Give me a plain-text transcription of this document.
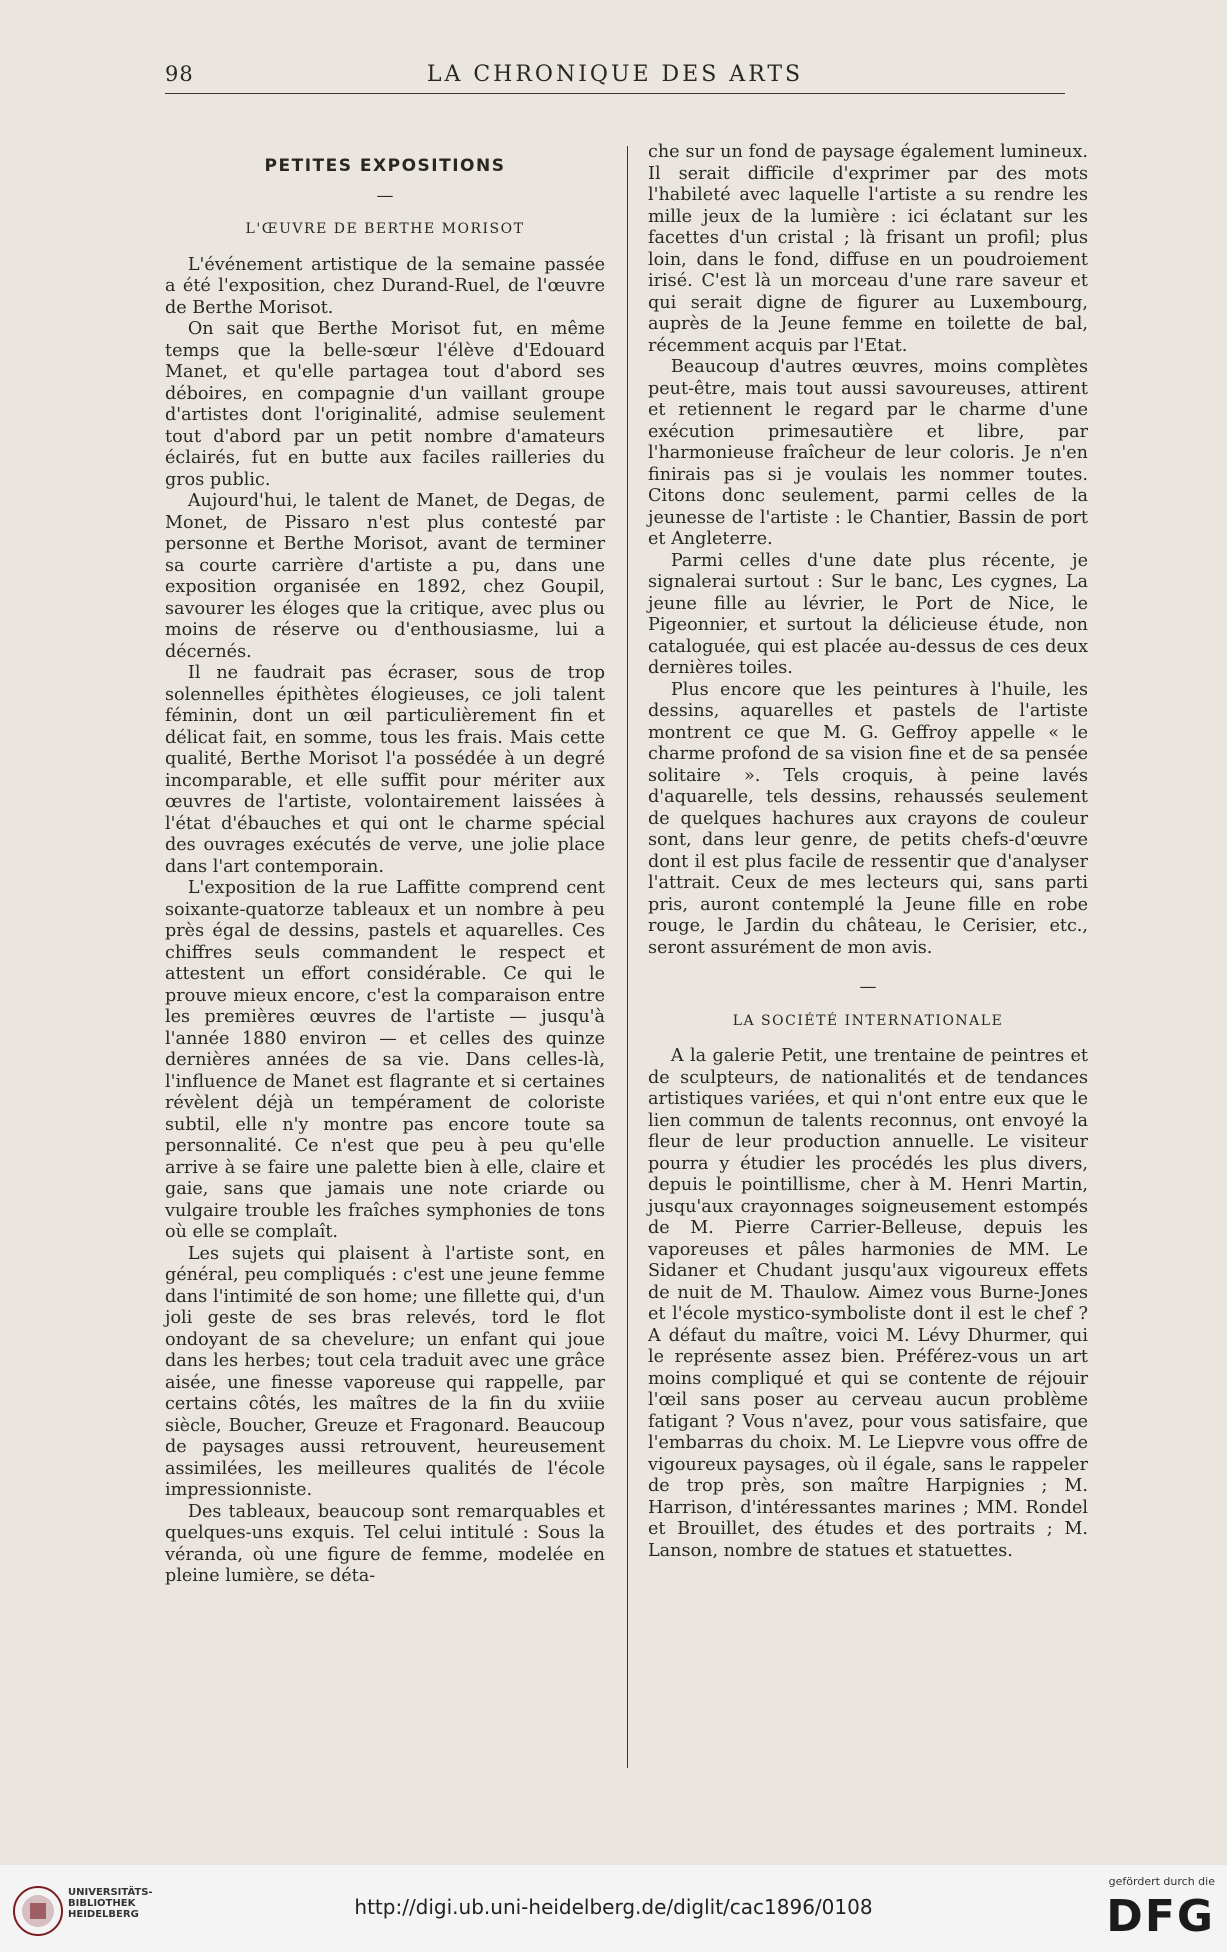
98	LA CHRONIQUE DES ARTS
PETITES EXPOSITIONS
—
L'ŒUVRE DE BERTHE MORISOT

L'événement artistique de la semaine passée a été l'exposition, chez Durand-Ruel, de l'œuvre de Berthe Morisot.

On sait que Berthe Morisot fut, en même temps que la belle-sœur l'élève d'Edouard Manet, et qu'elle partagea tout d'abord ses déboires, en compagnie d'un vaillant groupe d'artistes dont l'originalité, admise seulement tout d'abord par un petit nombre d'amateurs éclairés, fut en butte aux faciles railleries du gros public.

Aujourd'hui, le talent de Manet, de Degas, de Monet, de Pissaro n'est plus contesté par personne et Berthe Morisot, avant de terminer sa courte carrière d'artiste a pu, dans une exposition organisée en 1892, chez Goupil, savourer les éloges que la critique, avec plus ou moins de réserve ou d'enthousiasme, lui a décernés.

Il ne faudrait pas écraser, sous de trop solennelles épithètes élogieuses, ce joli talent féminin, dont un œil particulièrement fin et délicat fait, en somme, tous les frais. Mais cette qualité, Berthe Morisot l'a possédée à un degré incomparable, et elle suffit pour mériter aux œuvres de l'artiste, volontairement laissées à l'état d'ébauches et qui ont le charme spécial des ouvrages exécutés de verve, une jolie place dans l'art contemporain.

L'exposition de la rue Laffitte comprend cent soixante-quatorze tableaux et un nombre à peu près égal de dessins, pastels et aquarelles. Ces chiffres seuls commandent le respect et attestent un effort considérable. Ce qui le prouve mieux encore, c'est la comparaison entre les premières œuvres de l'artiste — jusqu'à l'année 1880 environ — et celles des quinze dernières années de sa vie. Dans celles-là, l'influence de Manet est flagrante et si certaines révèlent déjà un tempérament de coloriste subtil, elle n'y montre pas encore toute sa personnalité. Ce n'est que peu à peu qu'elle arrive à se faire une palette bien à elle, claire et gaie, sans que jamais une note criarde ou vulgaire trouble les fraîches symphonies de tons où elle se complaît.

Les sujets qui plaisent à l'artiste sont, en général, peu compliqués : c'est une jeune femme dans l'intimité de son home; une fillette qui, d'un joli geste de ses bras relevés, tord le flot ondoyant de sa chevelure; un enfant qui joue dans les herbes; tout cela traduit avec une grâce aisée, une finesse vaporeuse qui rappelle, par certains côtés, les maîtres de la fin du xviiie siècle, Boucher, Greuze et Fragonard. Beaucoup de paysages aussi retrouvent, heureusement assimilées, les meilleures qualités de l'école impressionniste.

Des tableaux, beaucoup sont remarquables et quelques-uns exquis. Tel celui intitulé : Sous la véranda, où une figure de femme, modelée en pleine lumière, se déta-

che sur un fond de paysage également lumineux. Il serait difficile d'exprimer par des mots l'habileté avec laquelle l'artiste a su rendre les mille jeux de la lumière : ici éclatant sur les facettes d'un cristal ; là frisant un profil; plus loin, dans le fond, diffuse en un poudroiement irisé. C'est là un morceau d'une rare saveur et qui serait digne de figurer au Luxembourg, auprès de la Jeune femme en toilette de bal, récemment acquis par l'Etat.

Beaucoup d'autres œuvres, moins complètes peut-être, mais tout aussi savoureuses, attirent et retiennent le regard par le charme d'une exécution primesautière et libre, par l'harmonieuse fraîcheur de leur coloris. Je n'en finirais pas si je voulais les nommer toutes. Citons donc seulement, parmi celles de la jeunesse de l'artiste : le Chantier, Bassin de port et Angleterre.

Parmi celles d'une date plus récente, je signalerai surtout : Sur le banc, Les cygnes, La jeune fille au lévrier, le Port de Nice, le Pigeonnier, et surtout la délicieuse étude, non cataloguée, qui est placée au-dessus de ces deux dernières toiles.

Plus encore que les peintures à l'huile, les dessins, aquarelles et pastels de l'artiste montrent ce que M. G. Geffroy appelle « le charme profond de sa vision fine et de sa pensée solitaire ». Tels croquis, à peine lavés d'aquarelle, tels dessins, rehaussés seulement de quelques hachures aux crayons de couleur sont, dans leur genre, de petits chefs-d'œuvre dont il est plus facile de ressentir que d'analyser l'attrait. Ceux de mes lecteurs qui, sans parti pris, auront contemplé la Jeune fille en robe rouge, le Jardin du château, le Cerisier, etc., seront assurément de mon avis.

—
LA SOCIÉTÉ INTERNATIONALE

A la galerie Petit, une trentaine de peintres et de sculpteurs, de nationalités et de tendances artistiques variées, et qui n'ont entre eux que le lien commun de talents reconnus, ont envoyé la fleur de leur production annuelle. Le visiteur pourra y étudier les procédés les plus divers, depuis le pointillisme, cher à M. Henri Martin, jusqu'aux crayonnages soigneusement estompés de M. Pierre Carrier-Belleuse, depuis les vaporeuses et pâles harmonies de MM. Le Sidaner et Chudant jusqu'aux vigoureux effets de nuit de M. Thaulow. Aimez vous Burne-Jones et l'école mystico-symboliste dont il est le chef ? A défaut du maître, voici M. Lévy Dhurmer, qui le représente assez bien. Préférez-vous un art moins compliqué et qui se contente de réjouir l'œil sans poser au cerveau aucun problème fatigant ? Vous n'avez, pour vous satisfaire, que l'embarras du choix. M. Le Liepvre vous offre de vigoureux paysages, où il égale, sans le rappeler de trop près, son maître Harpignies ; M. Harrison, d'intéressantes marines ; MM. Rondel et Brouillet, des études et des portraits ; M. Lanson, nombre de statues et statuettes.

UNIVERSITÄTS-
BIBLIOTHEK
HEIDELBERG	http://digi.ub.uni-heidelberg.de/diglit/cac1896/0108
gefördert durch die
DFG
